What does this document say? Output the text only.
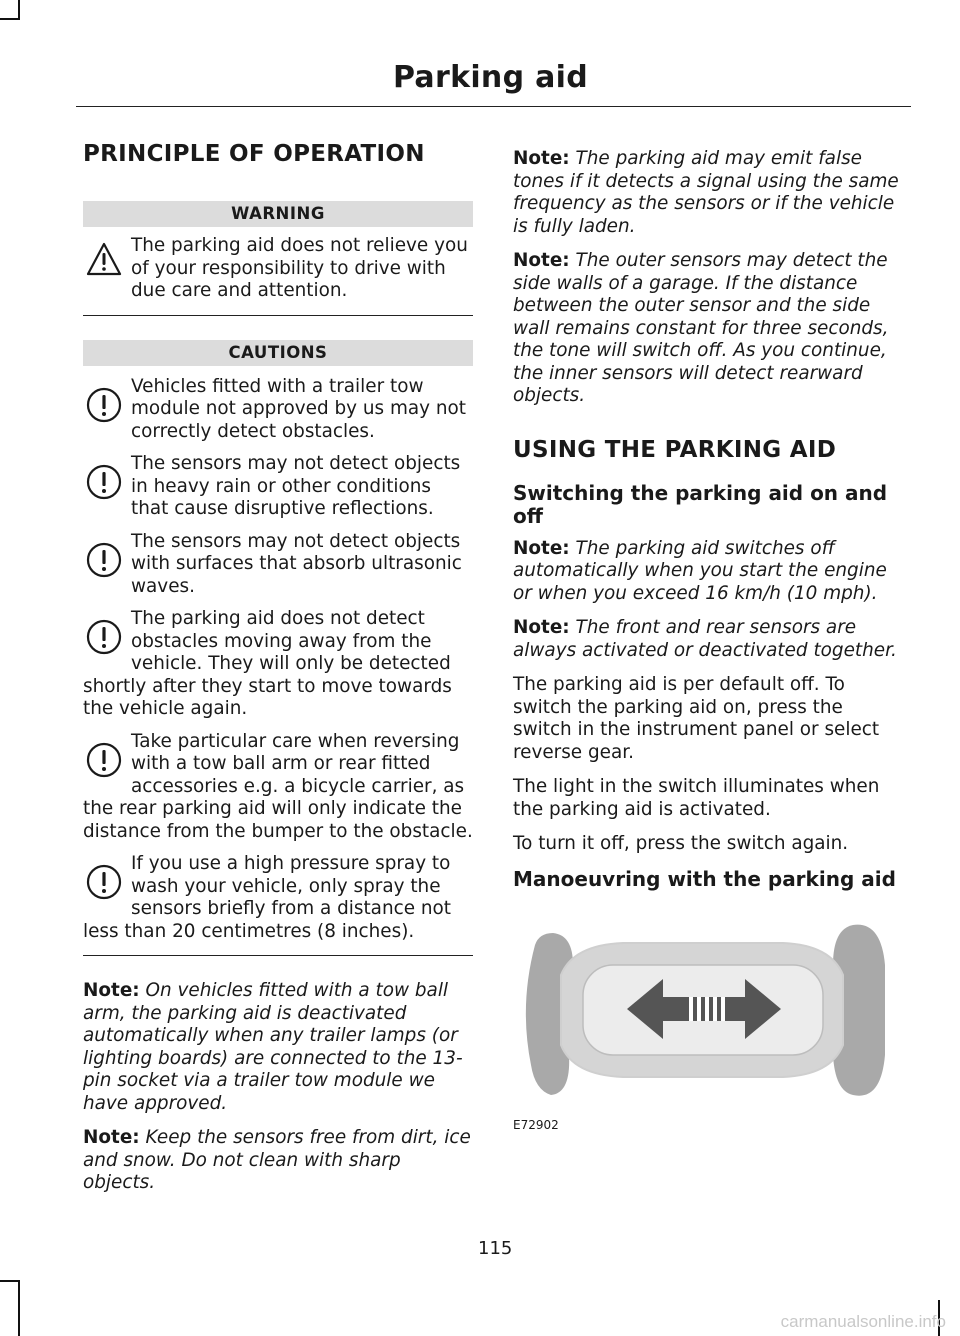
Parking aid
PRINCIPLE OF OPERATION
WARNING
The parking aid does not relieve you of your responsibility to drive with due care and attention.
CAUTIONS
Vehicles fitted with a trailer tow module not approved by us may not correctly detect obstacles.
The sensors may not detect objects in heavy rain or other conditions that cause disruptive reflections.
The sensors may not detect objects with surfaces that absorb ultrasonic waves.
The parking aid does not detect obstacles moving away from the vehicle. They will only be detected shortly after they start to move towards the vehicle again.
Take particular care when reversing with a tow ball arm or rear fitted accessories e.g. a bicycle carrier, as the rear parking aid will only indicate the distance from the bumper to the obstacle.
If you use a high pressure spray to wash your vehicle, only spray the sensors briefly from a distance not less than 20 centimetres (8 inches).

Note: On vehicles fitted with a tow ball arm, the parking aid is deactivated automatically when any trailer lamps (or lighting boards) are connected to the 13-pin socket via a trailer tow module we have approved.

Note: Keep the sensors free from dirt, ice and snow. Do not clean with sharp objects.

Note: The parking aid may emit false tones if it detects a signal using the same frequency as the sensors or if the vehicle is fully laden.

Note: The outer sensors may detect the side walls of a garage. If the distance between the outer sensor and the side wall remains constant for three seconds, the tone will switch off. As you continue, the inner sensors will detect rearward objects.

USING THE PARKING AID
Switching the parking aid on and off

Note: The parking aid switches off automatically when you start the engine or when you exceed 16 km/h (10 mph).

Note: The front and rear sensors are always activated or deactivated together.

The parking aid is per default off. To switch the parking aid on, press the switch in the instrument panel or select reverse gear.

The light in the switch illuminates when the parking aid is activated.

To turn it off, press the switch again.

Manoeuvring with the parking aid
E72902
115
carmanualsonline.info
